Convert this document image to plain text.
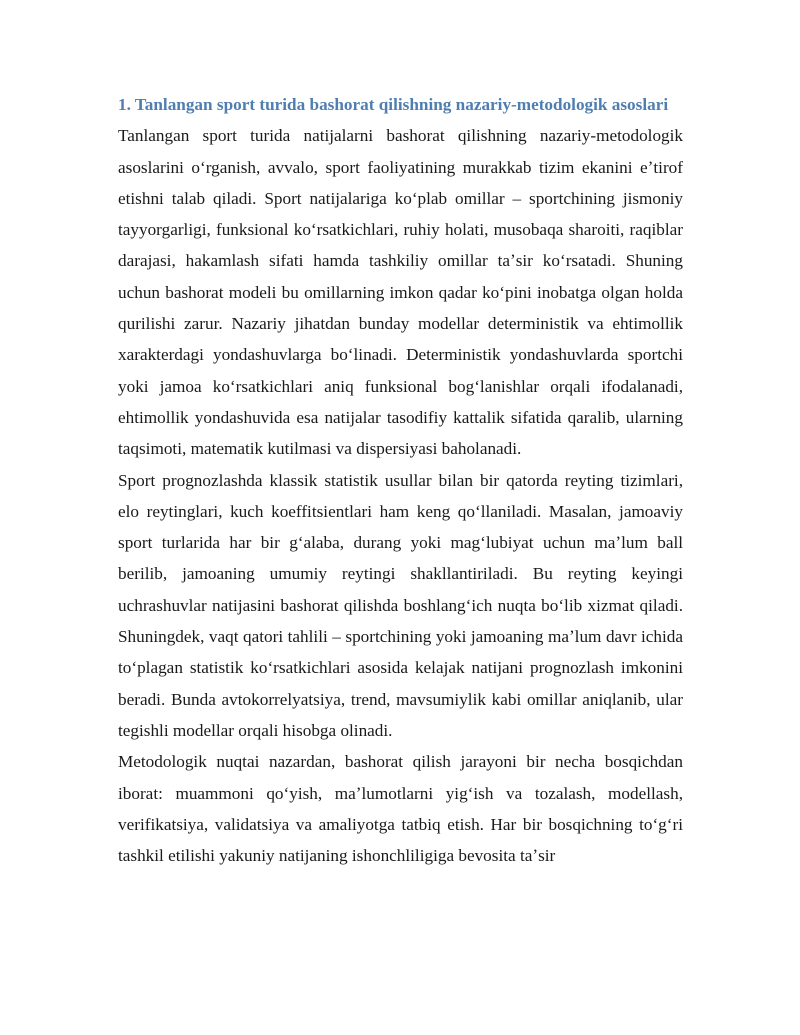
1. Tanlangan sport turida bashorat qilishning nazariy-metodologik asoslari

Tanlangan sport turida natijalarni bashorat qilishning nazariy-metodologik asoslarini oʻrganish, avvalo, sport faoliyatining murakkab tizim ekanini eʼtirof etishni talab qiladi. Sport natijalariga koʻplab omillar – sportchining jismoniy tayyorgarligi, funksional koʻrsatkichlari, ruhiy holati, musobaqa sharoiti, raqiblar darajasi, hakamlash sifati hamda tashkiliy omillar taʼsir koʻrsatadi. Shuning uchun bashorat modeli bu omillarning imkon qadar koʻpini inobatga olgan holda qurilishi zarur. Nazariy jihatdan bunday modellar deterministik va ehtimollik xarakterdagi yondashuvlarga boʻlinadi. Deterministik yondashuvlarda sportchi yoki jamoa koʻrsatkichlari aniq funksional bogʻlanishlar orqali ifodalanadi, ehtimollik yondashuvida esa natijalar tasodifiy kattalik sifatida qaralib, ularning taqsimoti, matematik kutilmasi va dispersiyasi baholanadi.

Sport prognozlashda klassik statistik usullar bilan bir qatorda reyting tizimlari, elo reytinglari, kuch koeffitsientlari ham keng qoʻllaniladi. Masalan, jamoaviy sport turlarida har bir gʻalaba, durang yoki magʻlubiyat uchun maʼlum ball berilib, jamoaning umumiy reytingi shakllantiriladi. Bu reyting keyingi uchrashuvlar natijasini bashorat qilishda boshlangʻich nuqta boʻlib xizmat qiladi. Shuningdek, vaqt qatori tahlili – sportchining yoki jamoaning maʼlum davr ichida toʻplagan statistik koʻrsatkichlari asosida kelajak natijani prognozlash imkonini beradi. Bunda avtokorrelyatsiya, trend, mavsumiylik kabi omillar aniqlanib, ular tegishli modellar orqali hisobga olinadi.

Metodologik nuqtai nazardan, bashorat qilish jarayoni bir necha bosqichdan iborat: muammoni qoʻyish, maʼlumotlarni yigʻish va tozalash, modellash, verifikatsiya, validatsiya va amaliyotga tatbiq etish. Har bir bosqichning toʻgʻri tashkil etilishi yakuniy natijaning ishonchliligiga bevosita taʼsir
